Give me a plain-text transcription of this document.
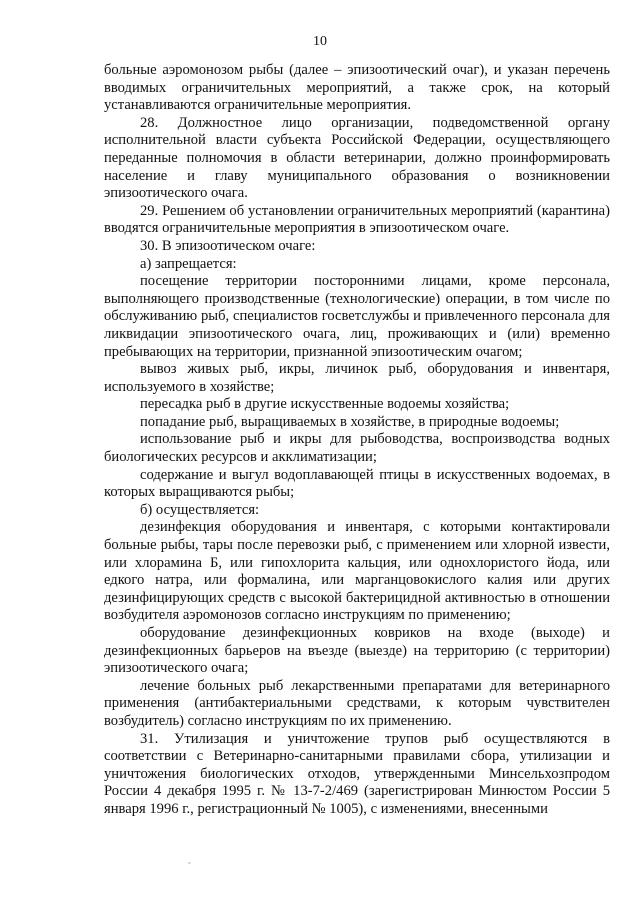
10

больные аэромонозом рыбы (далее – эпизоотический очаг), и указан перечень вводимых ограничительных мероприятий, а также срок, на который устанавливаются ограничительные мероприятия.

28. Должностное лицо организации, подведомственной органу исполнительной власти субъекта Российской Федерации, осуществляющего переданные полномочия в области ветеринарии, должно проинформировать население и главу муниципального образования о возникновении эпизоотического очага.

29. Решением об установлении ограничительных мероприятий (карантина) вводятся ограничительные мероприятия в эпизоотическом очаге.

30. В эпизоотическом очаге:

а) запрещается:

посещение территории посторонними лицами, кроме персонала, выполняющего производственные (технологические) операции, в том числе по обслуживанию рыб, специалистов госветслужбы и привлеченного персонала для ликвидации эпизоотического очага, лиц, проживающих и (или) временно пребывающих на территории, признанной эпизоотическим очагом;

вывоз живых рыб, икры, личинок рыб, оборудования и инвентаря, используемого в хозяйстве;

пересадка рыб в другие искусственные водоемы хозяйства;

попадание рыб, выращиваемых в хозяйстве, в природные водоемы;

использование рыб и икры для рыбоводства, воспроизводства водных биологических ресурсов и акклиматизации;

содержание и выгул водоплавающей птицы в искусственных водоемах, в которых выращиваются рыбы;

б) осуществляется:

дезинфекция оборудования и инвентаря, с которыми контактировали больные рыбы, тары после перевозки рыб, с применением или хлорной извести, или хлорамина Б, или гипохлорита кальция, или однохлористого йода, или едкого натра, или формалина, или марганцовокислого калия или других дезинфицирующих средств с высокой бактерицидной активностью в отношении возбудителя аэромонозов согласно инструкциям по применению;

оборудование дезинфекционных ковриков на входе (выходе) и дезинфекционных барьеров на въезде (выезде) на территорию (с территории) эпизоотического очага;

лечение больных рыб лекарственными препаратами для ветеринарного применения (антибактериальными средствами, к которым чувствителен возбудитель) согласно инструкциям по их применению.

31. Утилизация и уничтожение трупов рыб осуществляются в соответствии с Ветеринарно-санитарными правилами сбора, утилизации и уничтожения биологических отходов, утвержденными Минсельхозпродом России 4 декабря 1995 г. № 13-7-2/469 (зарегистрирован Минюстом России 5 января 1996 г., регистрационный № 1005), с изменениями, внесенными

ˇ
